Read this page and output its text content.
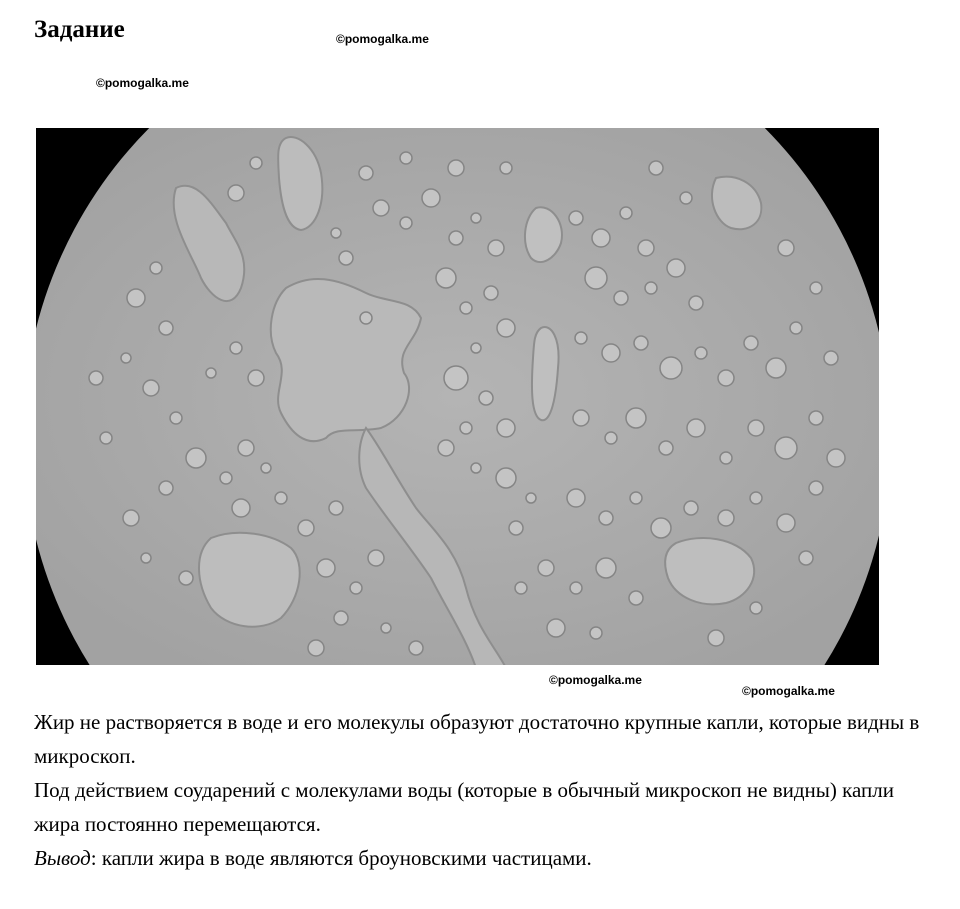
Задание	©pomogalka.me
©pomogalka.me
©pomogalka.me
©pomogalka.me

Жир не растворяется в воде и его молекулы образуют достаточно крупные капли, которые видны в микроскоп.

Под действием соударений с молекулами воды (которые в обычный микроскоп не видны) капли жира постоянно перемещаются.

Вывод: капли жира в воде являются броуновскими частицами.
